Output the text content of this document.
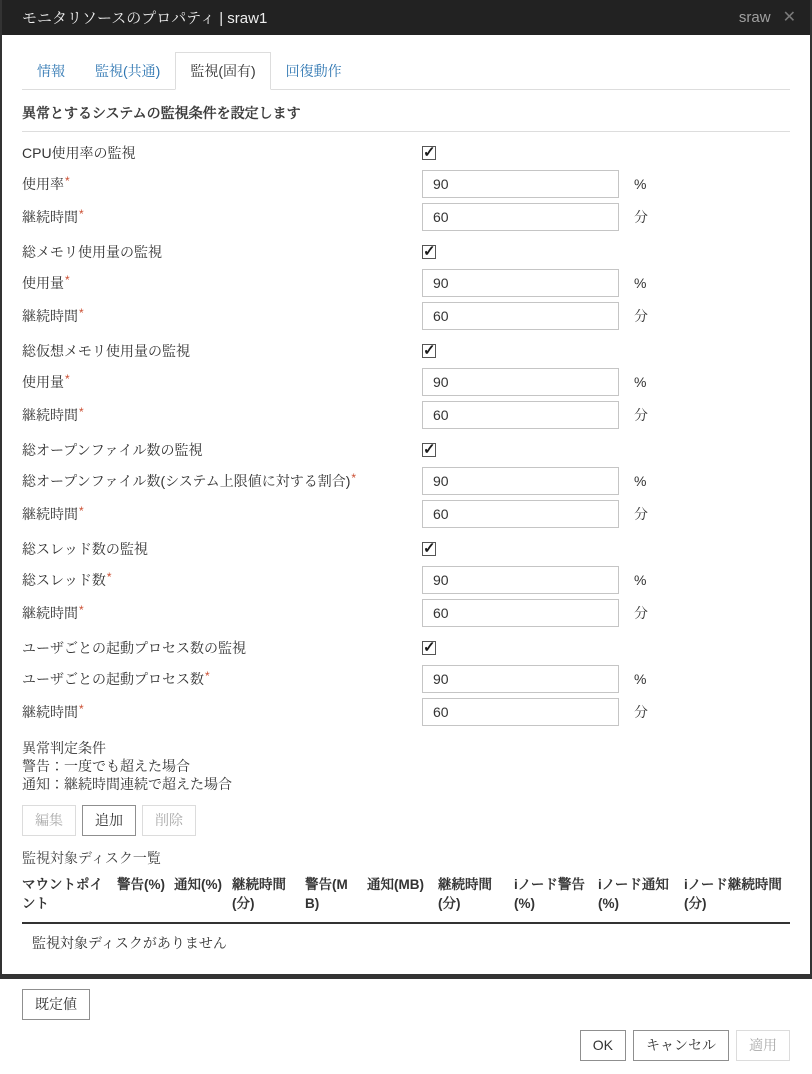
モニタリソースのプロパティ | sraw1	sraw ✕
情報	監視(共通)	監視(固有)	回復動作
異常とするシステムの監視条件を設定します
CPU使用率の監視
使用率*
90	%
継続時間*
60	分
総メモリ使用量の監視
使用量*
90	%
継続時間*
60	分
総仮想メモリ使用量の監視
使用量*
90	%
継続時間*
60	分
総オープンファイル数の監視
総オープンファイル数(システム上限値に対する割合)*
90	%
継続時間*
60	分
総スレッド数の監視
総スレッド数*
90	%
継続時間*
60	分
ユーザごとの起動プロセス数の監視
ユーザごとの起動プロセス数*
90	%
継続時間*
60	分
異常判定条件
警告：一度でも超えた場合
通知：継続時間連続で超えた場合
編集	追加	削除
監視対象ディスク一覧
マウントポイント	警告(%)	通知(%)	継続時間(分)	警告(MB)	通知(MB)	継続時間(分)	iノード警告(%)	iノード通知(%)	iノード継続時間(分)
監視対象ディスクがありません
既定値
OK	キャンセル	適用
